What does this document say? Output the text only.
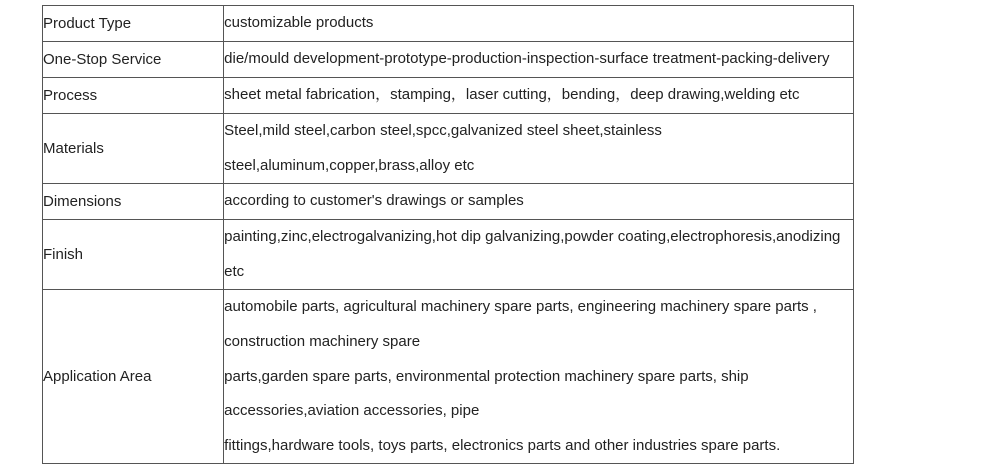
Product Type	customizable products

One-Stop Service	die/mould development-prototype-production-inspection-surface treatment-packing-delivery

Process	sheet metal fabrication，stamping，laser cutting，bending，deep drawing,welding etc

Materials	Steel,mild steel,carbon steel,spcc,galvanized steel sheet,stainless
steel,aluminum,copper,brass,alloy etc

Dimensions	according to customer's drawings or samples

Finish	painting,zinc,electrogalvanizing,hot dip galvanizing,powder coating,electrophoresis,anodizing
etc

Application Area	automobile parts, agricultural machinery spare parts, engineering machinery spare parts ,
construction machinery spare
parts,garden spare parts, environmental protection machinery spare parts, ship
accessories,aviation accessories, pipe
fittings,hardware tools, toys parts, electronics parts and other industries spare parts.
